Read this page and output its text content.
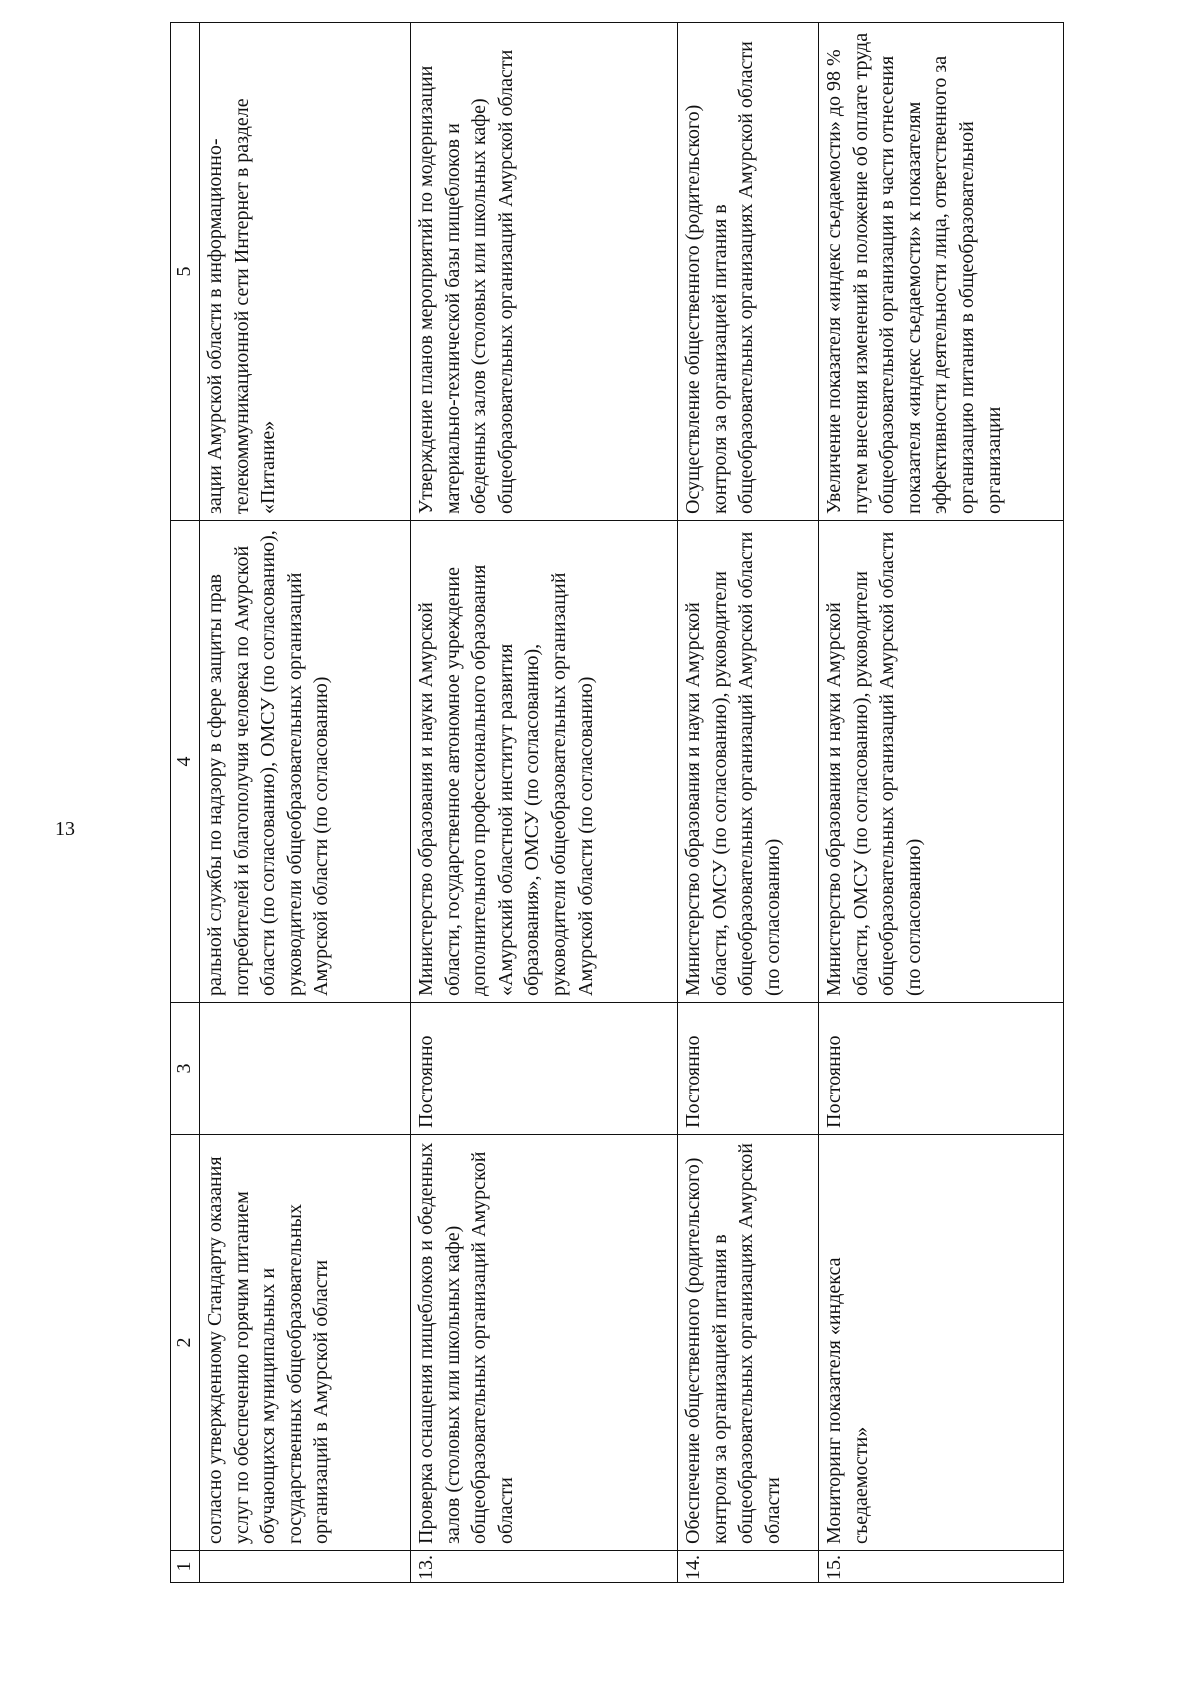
13
1	2	3	4	5
	согласно утвержденному Стандарту оказания услуг по обеспечению горячим питанием обучающихся муниципальных и государственных общеобразовательных организаций в Амурской области		ральной службы по надзору в сфере защиты прав потребителей и благополучия человека по Амурской области (по согласованию), ОМСУ (по согласованию), руководители общеобразовательных организаций Амурской области (по согласованию)	зации Амурской области в информационно-телекоммуникационной сети Интернет в разделе «Питание»
13.	Проверка оснащения пищеблоков и обеденных залов (столовых или школьных кафе) общеобразовательных организаций Амурской области	Постоянно	Министерство образования и науки Амурской области, государственное автономное учреждение дополнительного профессионального образования «Амурский областной институт развития образования», ОМСУ (по согласованию), руководители общеобразовательных организаций Амурской области (по согласованию)	Утверждение планов мероприятий по модернизации материально-технической базы пищеблоков и обеденных залов (столовых или школьных кафе) общеобразовательных организаций Амурской области
14.	Обеспечение общественного (родительского) контроля за организацией питания в общеобразовательных организациях Амурской области	Постоянно	Министерство образования и науки Амурской области, ОМСУ (по согласованию), руководители общеобразовательных организаций Амурской области (по согласованию)	Осуществление общественного (родительского) контроля за организацией питания в общеобразовательных организациях Амурской области
15.	Мониторинг показателя «индекса съедаемости»	Постоянно	Министерство образования и науки Амурской области, ОМСУ (по согласованию), руководители общеобразовательных организаций Амурской области (по согласованию)	Увеличение показателя «индекс съедаемости» до 98 % путем внесения изменений в положение об оплате труда общеобразовательной организации в части отнесения показателя «индекс съедаемости» к показателям эффективности деятельности лица, ответственного за организацию питания в общеобразовательной организации
